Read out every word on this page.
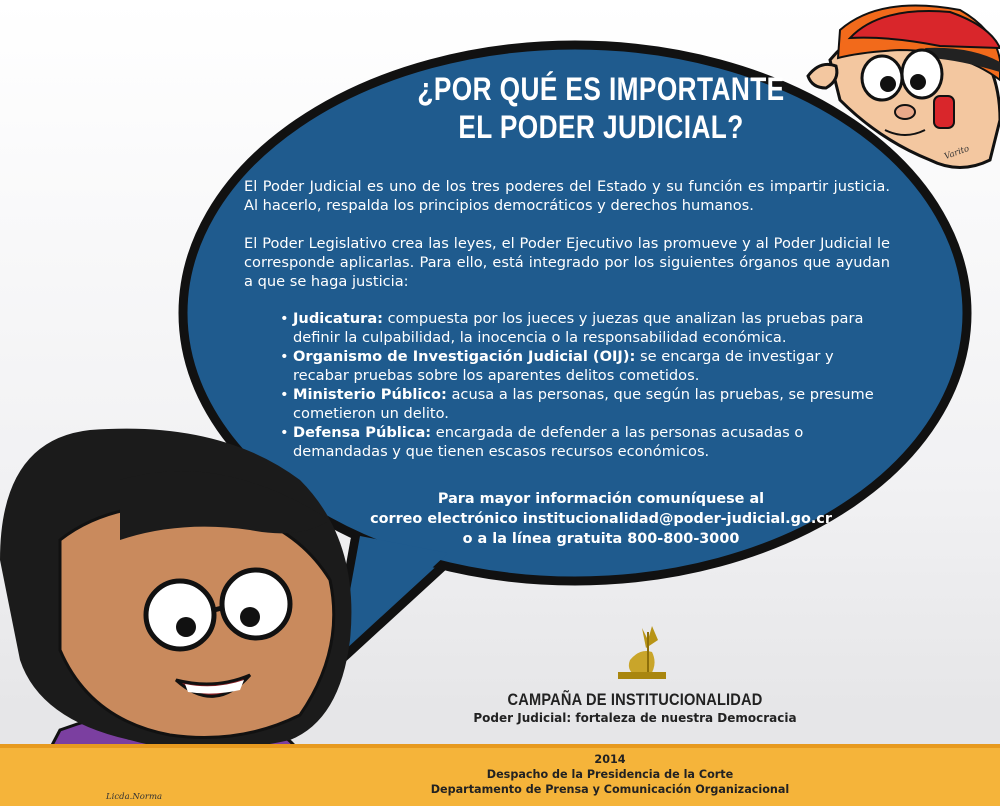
¿POR QUÉ ES IMPORTANTE
EL PODER JUDICIAL?

El Poder Judicial es uno de los tres poderes del Estado y su función es impartir justicia. Al hacerlo, respalda los principios democráticos y derechos humanos.

El Poder Legislativo crea las leyes, el Poder Ejecutivo las promueve y al Poder Judicial le corresponde aplicarlas. Para ello, está integrado por los siguientes órganos que ayudan a que se haga justicia:

• Judicatura: compuesta por los jueces y juezas que analizan las pruebas para definir la culpabilidad, la inocencia o la responsabilidad económica.
• Organismo de Investigación Judicial (OIJ): se encarga de investigar y recabar pruebas sobre los aparentes delitos cometidos.
• Ministerio Público: acusa a las personas, que según las pruebas, se presume cometieron un delito.
• Defensa Pública: encargada de defender a las personas acusadas o demandadas y que tienen escasos recursos económicos.
Para mayor información comuníquese al
correo electrónico institucionalidad@poder-judicial.go.cr
o a la línea gratuita 800-800-3000
CAMPAÑA DE INSTITUCIONALIDAD
Poder Judicial: fortaleza de nuestra Democracia
2014
Despacho de la Presidencia de la Corte
Departamento de Prensa y Comunicación Organizacional
Varito
Licda.Norma
